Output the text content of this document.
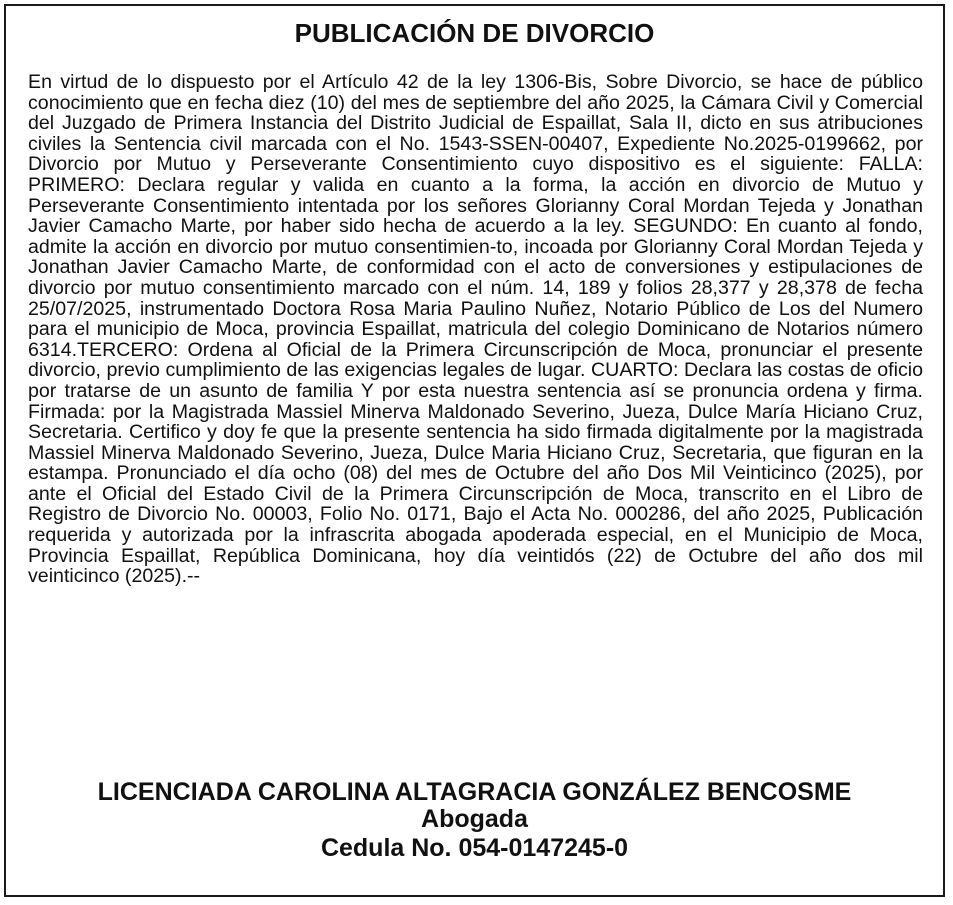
PUBLICACIÓN DE DIVORCIO
En virtud de lo dispuesto por el Artículo 42 de la ley 1306-Bis, Sobre Divorcio, se hace de público conocimiento que en fecha diez (10) del mes de septiembre del año 2025, la Cámara Civil y Comercial del Juzgado de Primera Instancia del Distrito Judicial de Espaillat, Sala II, dicto en sus atribuciones civiles la Sentencia civil marcada con el No. 1543-SSEN-00407, Expediente No.2025-0199662, por Divorcio por Mutuo y Perseverante Consentimiento cuyo dispositivo es el siguiente: FALLA: PRIMERO: Declara regular y valida en cuanto a la forma, la acción en divorcio de Mutuo y Perseverante Consentimiento intentada por los señores Glorianny Coral Mordan Tejeda y Jonathan Javier Camacho Marte, por haber sido hecha de acuerdo a la ley. SEGUNDO: En cuanto al fondo, admite la acción en divorcio por mutuo consentimien-to, incoada por Glorianny Coral Mordan Tejeda y Jonathan Javier Camacho Marte, de conformidad con el acto de conversiones y estipulaciones de divorcio por mutuo consentimiento marcado con el núm. 14, 189 y folios 28,377 y 28,378 de fecha 25/07/2025, instrumentado Doctora Rosa Maria Paulino Nuñez, Notario Público de Los del Numero para el municipio de Moca, provincia Espaillat, matricula del colegio Dominicano de Notarios número 6314.TERCERO: Ordena al Oficial de la Primera Circunscripción de Moca, pronunciar el presente divorcio, previo cumplimiento de las exigencias legales de lugar. CUARTO: Declara las costas de oficio por tratarse de un asunto de familia Y por esta nuestra sentencia así se pronuncia ordena y firma. Firmada: por la Magistrada Massiel Minerva Maldonado Severino, Jueza, Dulce María Hiciano Cruz, Secretaria. Certifico y doy fe que la presente sentencia ha sido firmada digitalmente por la magistrada Massiel Minerva Maldonado Severino, Jueza, Dulce Maria Hiciano Cruz, Secretaria, que figuran en la estampa. Pronunciado el día ocho (08) del mes de Octubre del año Dos Mil Veinticinco (2025), por ante el Oficial del Estado Civil de la Primera Circunscripción de Moca, transcrito en el Libro de Registro de Divorcio No. 00003, Folio No. 0171, Bajo el Acta No. 000286, del año 2025, Publicación requerida y autorizada por la infrascrita abogada apoderada especial, en el Municipio de Moca, Provincia Espaillat, República Dominicana, hoy día veintidós (22) de Octubre del año dos mil veinticinco (2025).--
LICENCIADA CAROLINA ALTAGRACIA GONZÁLEZ BENCOSME
Abogada
Cedula No. 054-0147245-0
